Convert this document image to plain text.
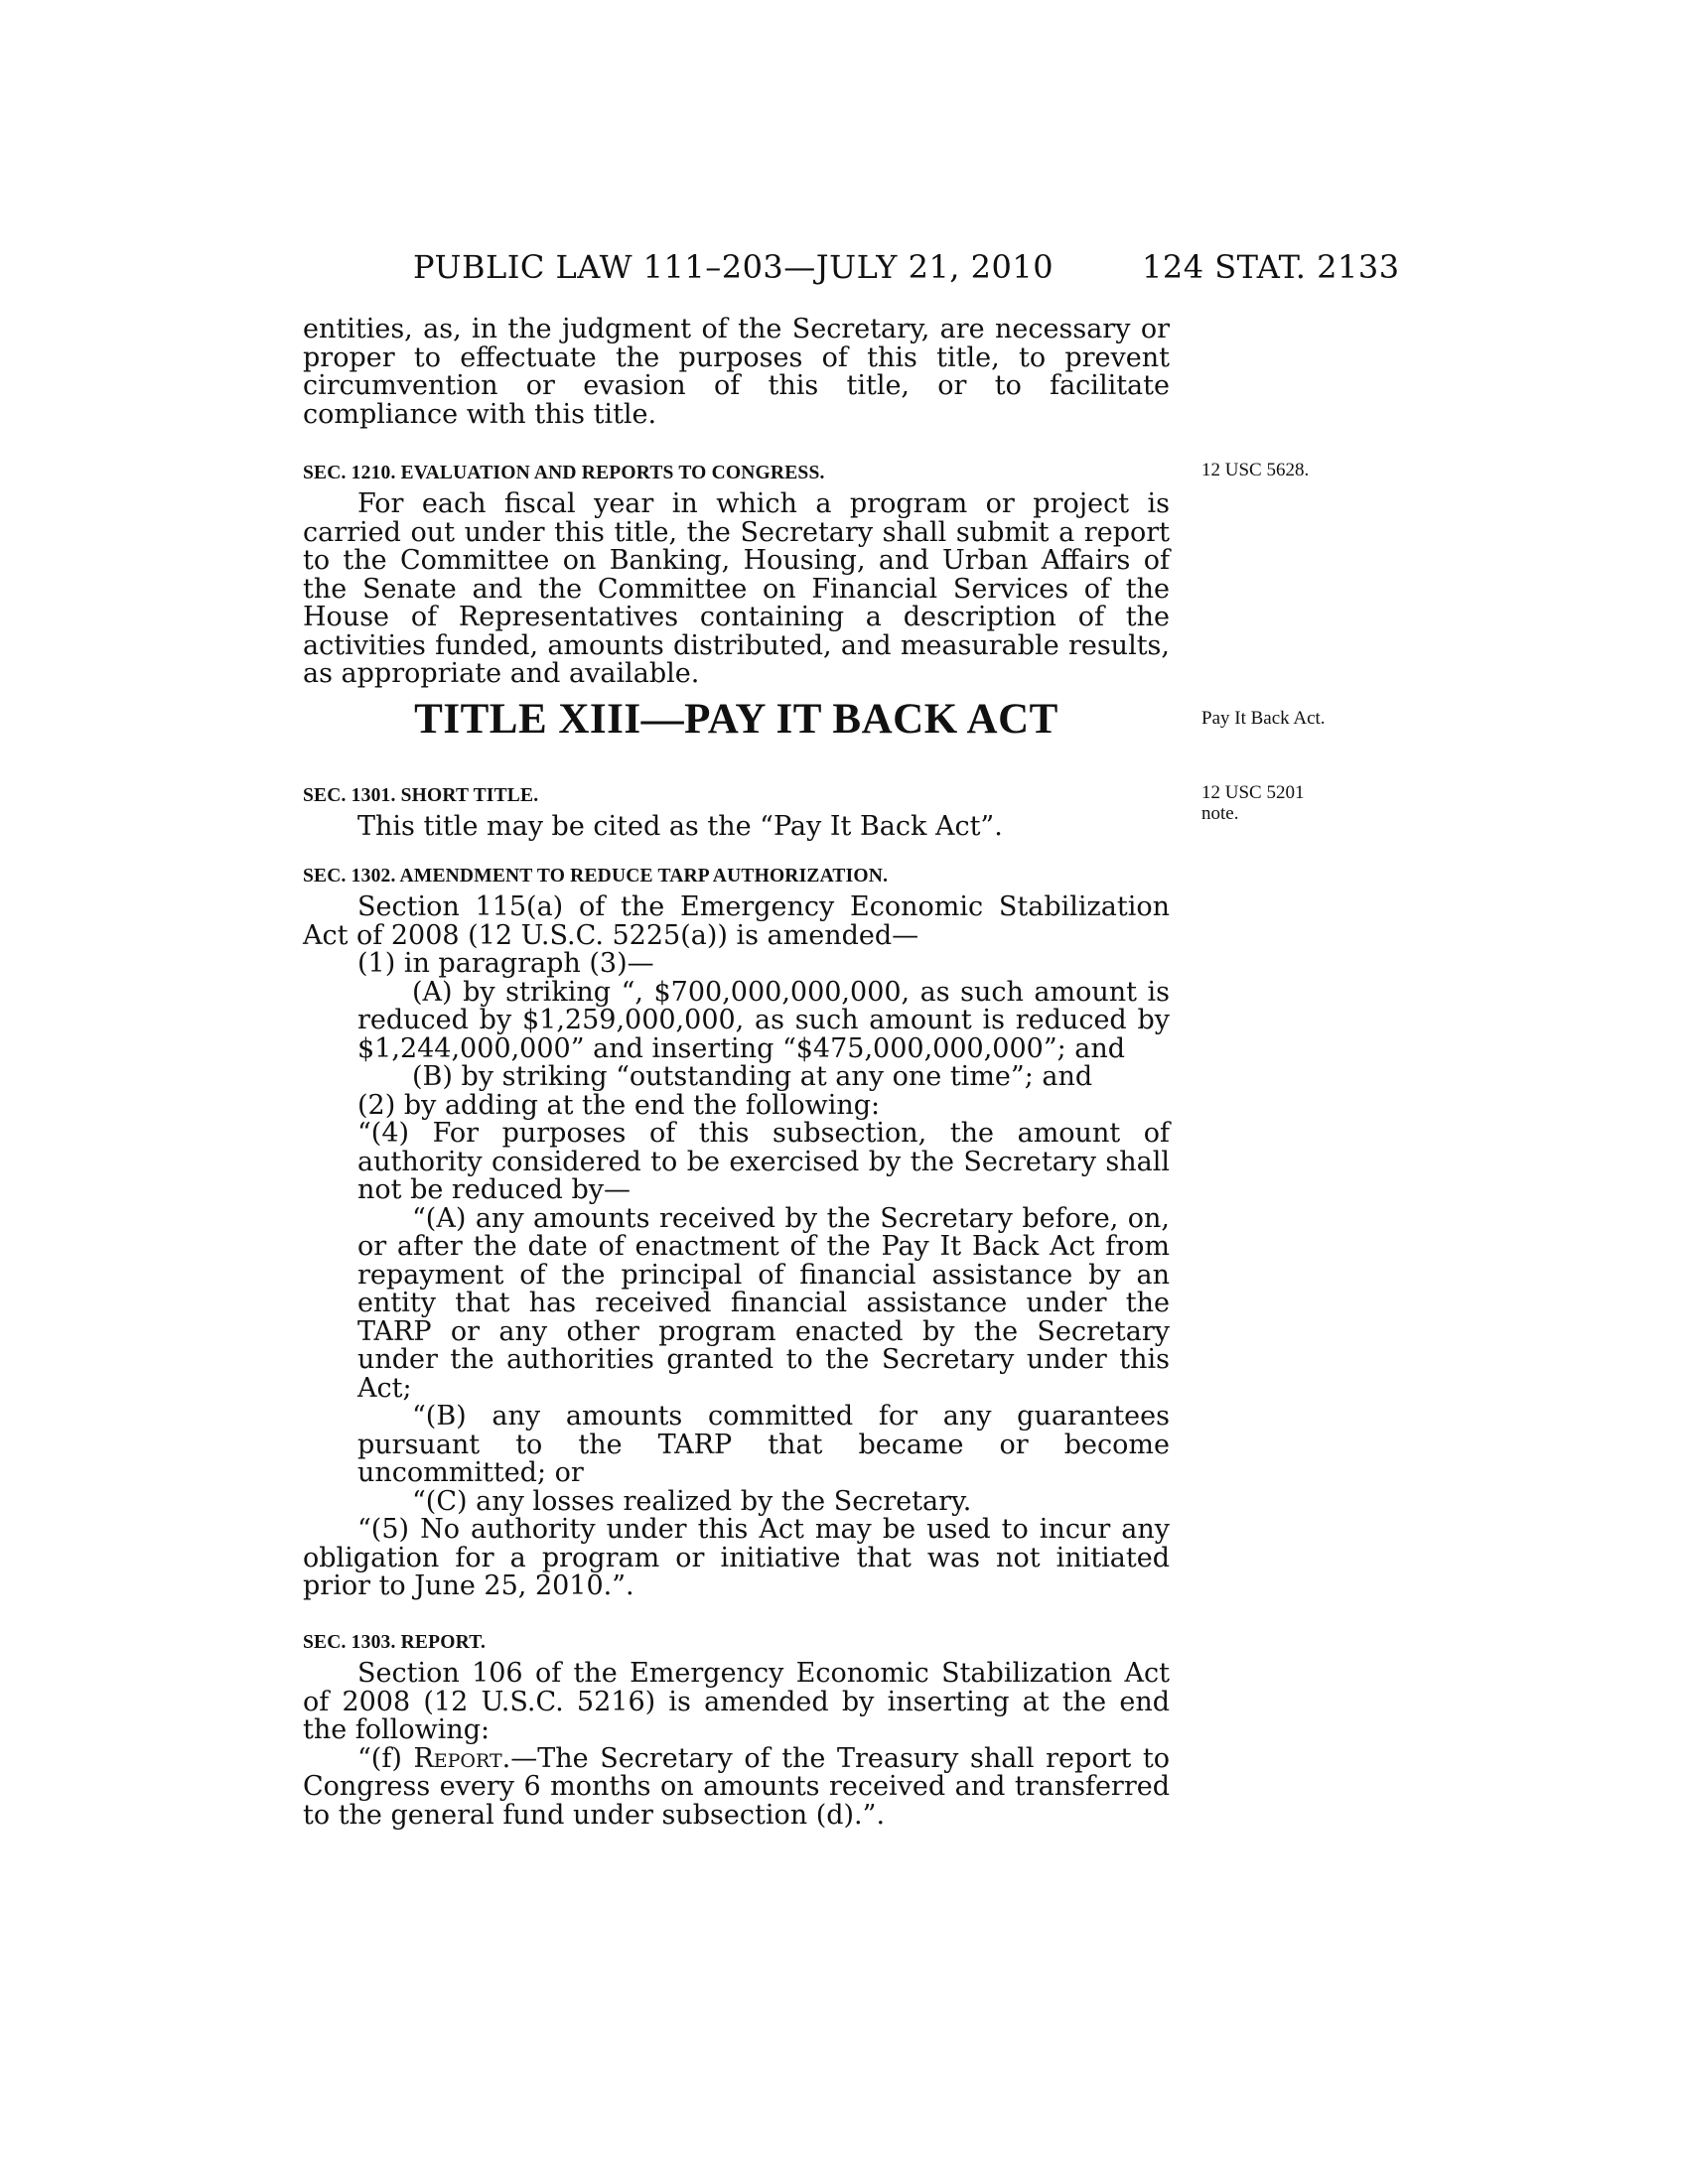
PUBLIC LAW 111–203—JULY 21, 2010	124 STAT. 2133

entities, as, in the judgment of the Secretary, are necessary or proper to effectuate the purposes of this title, to prevent circumvention or evasion of this title, or to facilitate compliance with this title.

SEC. 1210. EVALUATION AND REPORTS TO CONGRESS.

For each fiscal year in which a program or project is carried out under this title, the Secretary shall submit a report to the Committee on Banking, Housing, and Urban Affairs of the Senate and the Committee on Financial Services of the House of Representatives containing a description of the activities funded, amounts distributed, and measurable results, as appropriate and available.

TITLE XIII—PAY IT BACK ACT
SEC. 1301. SHORT TITLE.

This title may be cited as the “Pay It Back Act”.

SEC. 1302. AMENDMENT TO REDUCE TARP AUTHORIZATION.

Section 115(a) of the Emergency Economic Stabilization Act of 2008 (12 U.S.C. 5225(a)) is amended—

(1) in paragraph (3)—

(A) by striking “, $700,000,000,000, as such amount is reduced by $1,259,000,000, as such amount is reduced by $1,244,000,000” and inserting “$475,000,000,000”; and

(B) by striking “outstanding at any one time”; and

(2) by adding at the end the following:

“(4) For purposes of this subsection, the amount of authority considered to be exercised by the Secretary shall not be reduced by—

“(A) any amounts received by the Secretary before, on, or after the date of enactment of the Pay It Back Act from repayment of the principal of financial assistance by an entity that has received financial assistance under the TARP or any other program enacted by the Secretary under the authorities granted to the Secretary under this Act;

“(B) any amounts committed for any guarantees pursuant to the TARP that became or become uncommitted; or

“(C) any losses realized by the Secretary.

“(5) No authority under this Act may be used to incur any obligation for a program or initiative that was not initiated prior to June 25, 2010.”.

SEC. 1303. REPORT.

Section 106 of the Emergency Economic Stabilization Act of 2008 (12 U.S.C. 5216) is amended by inserting at the end the following:

“(f) Report.—The Secretary of the Treasury shall report to Congress every 6 months on amounts received and transferred to the general fund under subsection (d).”.

12 USC 5628.
Pay It Back Act.
12 USC 5201
note.
